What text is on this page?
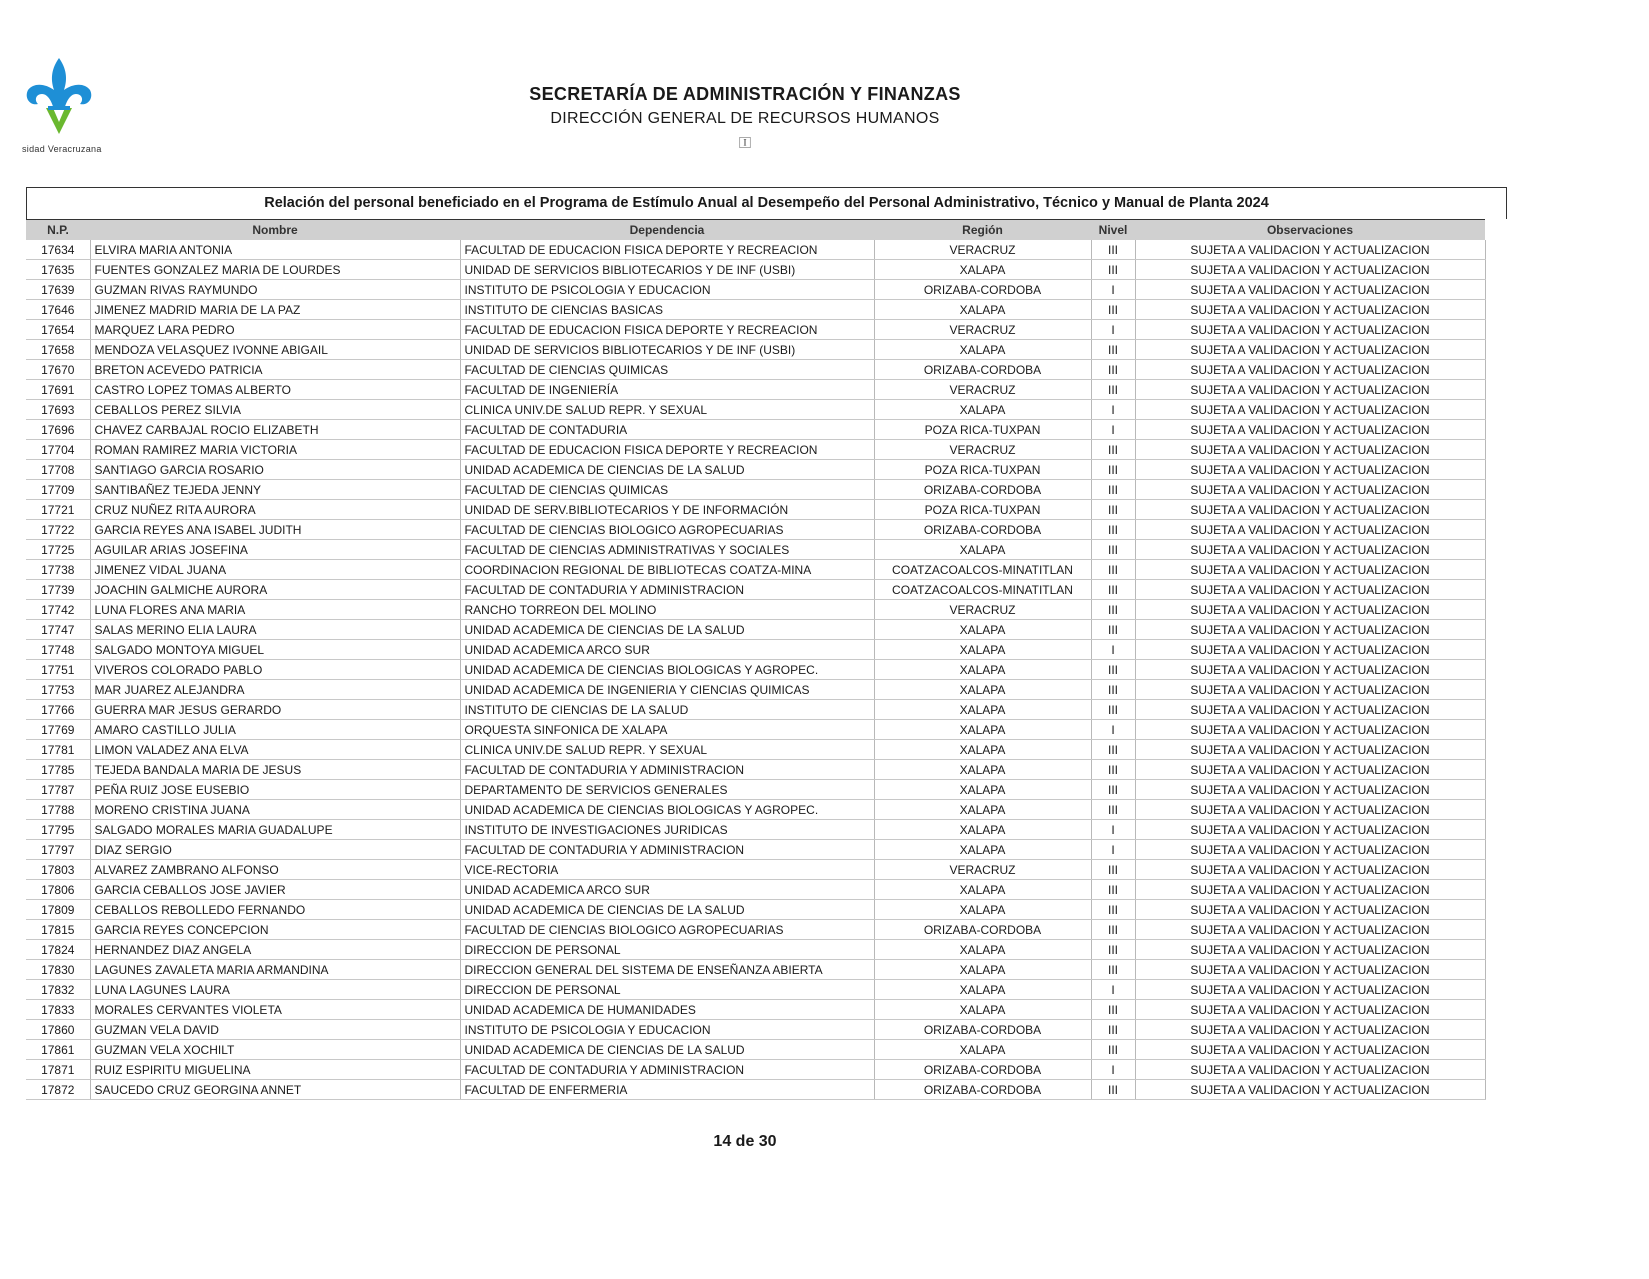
sidad Veracruzana
SECRETARÍA DE ADMINISTRACIÓN Y FINANZAS
DIRECCIÓN GENERAL DE RECURSOS HUMANOS
🄸
Relación del personal beneficiado en el Programa de Estímulo Anual al Desempeño del Personal Administrativo, Técnico y Manual de Planta 2024
N.P.	Nombre	Dependencia	Región	Nivel	Observaciones
17634	ELVIRA MARIA ANTONIA	FACULTAD DE EDUCACION FISICA DEPORTE Y RECREACION	VERACRUZ	III	SUJETA A VALIDACION Y ACTUALIZACION
17635	FUENTES GONZALEZ MARIA DE LOURDES	UNIDAD DE SERVICIOS BIBLIOTECARIOS Y DE INF (USBI)	XALAPA	III	SUJETA A VALIDACION Y ACTUALIZACION
17639	GUZMAN RIVAS RAYMUNDO	INSTITUTO DE PSICOLOGIA Y EDUCACION	ORIZABA-CORDOBA	I	SUJETA A VALIDACION Y ACTUALIZACION
17646	JIMENEZ MADRID MARIA DE LA PAZ	INSTITUTO DE CIENCIAS BASICAS	XALAPA	III	SUJETA A VALIDACION Y ACTUALIZACION
17654	MARQUEZ LARA PEDRO	FACULTAD DE EDUCACION FISICA DEPORTE Y RECREACION	VERACRUZ	I	SUJETA A VALIDACION Y ACTUALIZACION
17658	MENDOZA VELASQUEZ IVONNE ABIGAIL	UNIDAD DE SERVICIOS BIBLIOTECARIOS Y DE INF (USBI)	XALAPA	III	SUJETA A VALIDACION Y ACTUALIZACION
17670	BRETON ACEVEDO PATRICIA	FACULTAD DE CIENCIAS QUIMICAS	ORIZABA-CORDOBA	III	SUJETA A VALIDACION Y ACTUALIZACION
17691	CASTRO LOPEZ TOMAS ALBERTO	FACULTAD DE INGENIERÍA	VERACRUZ	III	SUJETA A VALIDACION Y ACTUALIZACION
17693	CEBALLOS PEREZ SILVIA	CLINICA UNIV.DE SALUD REPR. Y SEXUAL	XALAPA	I	SUJETA A VALIDACION Y ACTUALIZACION
17696	CHAVEZ CARBAJAL ROCIO ELIZABETH	FACULTAD DE CONTADURIA	POZA RICA-TUXPAN	I	SUJETA A VALIDACION Y ACTUALIZACION
17704	ROMAN RAMIREZ MARIA VICTORIA	FACULTAD DE EDUCACION FISICA DEPORTE Y RECREACION	VERACRUZ	III	SUJETA A VALIDACION Y ACTUALIZACION
17708	SANTIAGO GARCIA ROSARIO	UNIDAD ACADEMICA DE CIENCIAS DE LA SALUD	POZA RICA-TUXPAN	III	SUJETA A VALIDACION Y ACTUALIZACION
17709	SANTIBAÑEZ TEJEDA JENNY	FACULTAD DE CIENCIAS QUIMICAS	ORIZABA-CORDOBA	III	SUJETA A VALIDACION Y ACTUALIZACION
17721	CRUZ NUÑEZ RITA AURORA	UNIDAD DE SERV.BIBLIOTECARIOS Y DE INFORMACIÓN	POZA RICA-TUXPAN	III	SUJETA A VALIDACION Y ACTUALIZACION
17722	GARCIA REYES ANA ISABEL JUDITH	FACULTAD DE CIENCIAS BIOLOGICO AGROPECUARIAS	ORIZABA-CORDOBA	III	SUJETA A VALIDACION Y ACTUALIZACION
17725	AGUILAR ARIAS JOSEFINA	FACULTAD DE CIENCIAS ADMINISTRATIVAS Y SOCIALES	XALAPA	III	SUJETA A VALIDACION Y ACTUALIZACION
17738	JIMENEZ VIDAL JUANA	COORDINACION REGIONAL DE BIBLIOTECAS COATZA-MINA	COATZACOALCOS-MINATITLAN	III	SUJETA A VALIDACION Y ACTUALIZACION
17739	JOACHIN GALMICHE AURORA	FACULTAD DE CONTADURIA Y ADMINISTRACION	COATZACOALCOS-MINATITLAN	III	SUJETA A VALIDACION Y ACTUALIZACION
17742	LUNA FLORES ANA MARIA	RANCHO TORREON DEL MOLINO	VERACRUZ	III	SUJETA A VALIDACION Y ACTUALIZACION
17747	SALAS MERINO ELIA LAURA	UNIDAD ACADEMICA DE CIENCIAS DE LA SALUD	XALAPA	III	SUJETA A VALIDACION Y ACTUALIZACION
17748	SALGADO MONTOYA MIGUEL	UNIDAD ACADEMICA ARCO SUR	XALAPA	I	SUJETA A VALIDACION Y ACTUALIZACION
17751	VIVEROS COLORADO PABLO	UNIDAD ACADEMICA DE CIENCIAS BIOLOGICAS Y AGROPEC.	XALAPA	III	SUJETA A VALIDACION Y ACTUALIZACION
17753	MAR JUAREZ ALEJANDRA	UNIDAD ACADEMICA DE INGENIERIA Y CIENCIAS QUIMICAS	XALAPA	III	SUJETA A VALIDACION Y ACTUALIZACION
17766	GUERRA MAR JESUS GERARDO	INSTITUTO DE CIENCIAS DE LA SALUD	XALAPA	III	SUJETA A VALIDACION Y ACTUALIZACION
17769	AMARO CASTILLO JULIA	ORQUESTA SINFONICA DE XALAPA	XALAPA	I	SUJETA A VALIDACION Y ACTUALIZACION
17781	LIMON VALADEZ ANA ELVA	CLINICA UNIV.DE SALUD REPR. Y SEXUAL	XALAPA	III	SUJETA A VALIDACION Y ACTUALIZACION
17785	TEJEDA BANDALA MARIA DE JESUS	FACULTAD DE CONTADURIA Y ADMINISTRACION	XALAPA	III	SUJETA A VALIDACION Y ACTUALIZACION
17787	PEÑA RUIZ JOSE EUSEBIO	DEPARTAMENTO DE SERVICIOS GENERALES	XALAPA	III	SUJETA A VALIDACION Y ACTUALIZACION
17788	MORENO CRISTINA JUANA	UNIDAD ACADEMICA DE CIENCIAS BIOLOGICAS Y AGROPEC.	XALAPA	III	SUJETA A VALIDACION Y ACTUALIZACION
17795	SALGADO MORALES MARIA GUADALUPE	INSTITUTO DE INVESTIGACIONES JURIDICAS	XALAPA	I	SUJETA A VALIDACION Y ACTUALIZACION
17797	DIAZ SERGIO	FACULTAD DE CONTADURIA Y ADMINISTRACION	XALAPA	I	SUJETA A VALIDACION Y ACTUALIZACION
17803	ALVAREZ ZAMBRANO ALFONSO	VICE-RECTORIA	VERACRUZ	III	SUJETA A VALIDACION Y ACTUALIZACION
17806	GARCIA CEBALLOS JOSE JAVIER	UNIDAD ACADEMICA ARCO SUR	XALAPA	III	SUJETA A VALIDACION Y ACTUALIZACION
17809	CEBALLOS REBOLLEDO FERNANDO	UNIDAD ACADEMICA DE CIENCIAS DE LA SALUD	XALAPA	III	SUJETA A VALIDACION Y ACTUALIZACION
17815	GARCIA REYES CONCEPCION	FACULTAD DE CIENCIAS BIOLOGICO AGROPECUARIAS	ORIZABA-CORDOBA	III	SUJETA A VALIDACION Y ACTUALIZACION
17824	HERNANDEZ DIAZ ANGELA	DIRECCION DE PERSONAL	XALAPA	III	SUJETA A VALIDACION Y ACTUALIZACION
17830	LAGUNES ZAVALETA MARIA ARMANDINA	DIRECCION GENERAL DEL SISTEMA DE ENSEÑANZA ABIERTA	XALAPA	III	SUJETA A VALIDACION Y ACTUALIZACION
17832	LUNA LAGUNES LAURA	DIRECCION DE PERSONAL	XALAPA	I	SUJETA A VALIDACION Y ACTUALIZACION
17833	MORALES CERVANTES VIOLETA	UNIDAD ACADEMICA DE HUMANIDADES	XALAPA	III	SUJETA A VALIDACION Y ACTUALIZACION
17860	GUZMAN VELA DAVID	INSTITUTO DE PSICOLOGIA Y EDUCACION	ORIZABA-CORDOBA	III	SUJETA A VALIDACION Y ACTUALIZACION
17861	GUZMAN VELA XOCHILT	UNIDAD ACADEMICA DE CIENCIAS DE LA SALUD	XALAPA	III	SUJETA A VALIDACION Y ACTUALIZACION
17871	RUIZ ESPIRITU MIGUELINA	FACULTAD DE CONTADURIA Y ADMINISTRACION	ORIZABA-CORDOBA	I	SUJETA A VALIDACION Y ACTUALIZACION
17872	SAUCEDO CRUZ GEORGINA ANNET	FACULTAD DE ENFERMERIA	ORIZABA-CORDOBA	III	SUJETA A VALIDACION Y ACTUALIZACION
14 de 30
